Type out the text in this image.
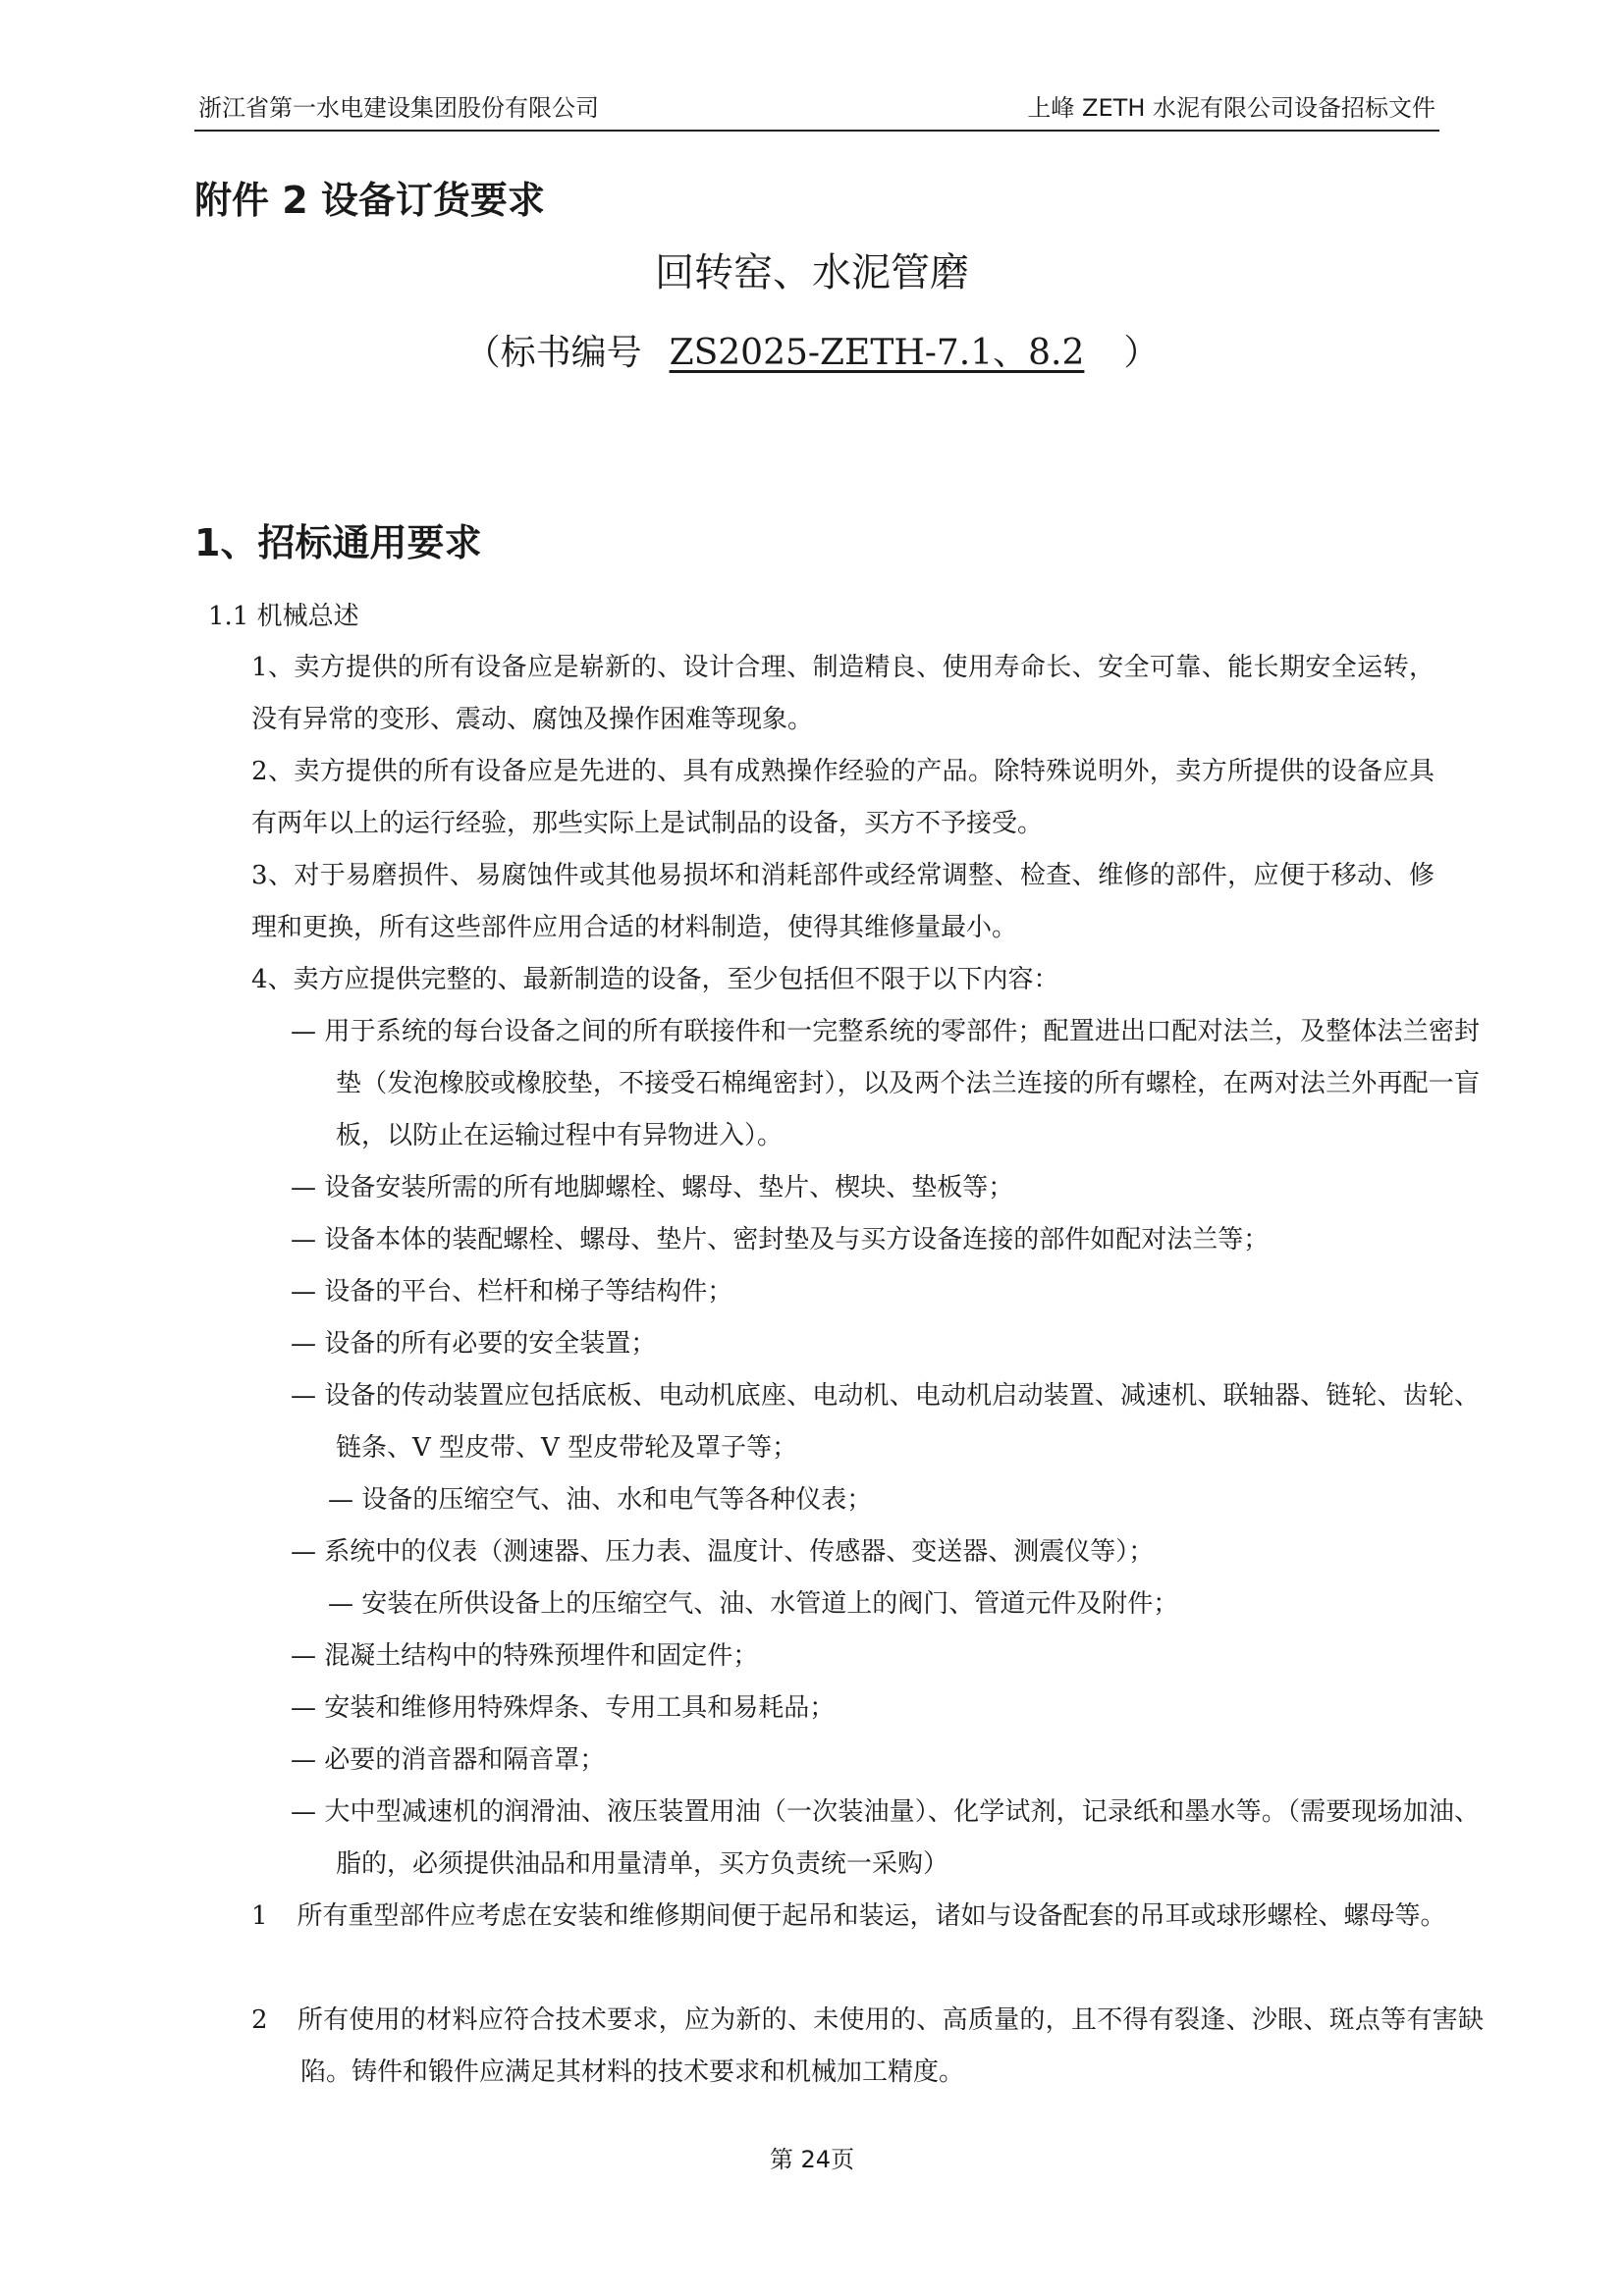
浙江省第一水电建设集团股份有限公司	上峰 ZETH 水泥有限公司设备招标文件
附件 2 设备订货要求
回转窑、水泥管磨
（标书编号 ZS2025-ZETH-7.1、8.2 ）
1、招标通用要求
1.1 机械总述
1、卖方提供的所有设备应是崭新的、设计合理、制造精良、使用寿命长、安全可靠、能长期安全运转，没有异常的变形、震动、腐蚀及操作困难等现象。
2、卖方提供的所有设备应是先进的、具有成熟操作经验的产品。除特殊说明外，卖方所提供的设备应具有两年以上的运行经验，那些实际上是试制品的设备，买方不予接受。
3、对于易磨损件、易腐蚀件或其他易损坏和消耗部件或经常调整、检查、维修的部件，应便于移动、修理和更换，所有这些部件应用合适的材料制造，使得其维修量最小。
4、卖方应提供完整的、最新制造的设备，至少包括但不限于以下内容：
— 用于系统的每台设备之间的所有联接件和一完整系统的零部件；配置进出口配对法兰，及整体法兰密封垫（发泡橡胶或橡胶垫，不接受石棉绳密封），以及两个法兰连接的所有螺栓，在两对法兰外再配一盲板，以防止在运输过程中有异物进入）。
— 设备安装所需的所有地脚螺栓、螺母、垫片、楔块、垫板等；
— 设备本体的装配螺栓、螺母、垫片、密封垫及与买方设备连接的部件如配对法兰等；
— 设备的平台、栏杆和梯子等结构件；
— 设备的所有必要的安全装置；
— 设备的传动装置应包括底板、电动机底座、电动机、电动机启动装置、减速机、联轴器、链轮、齿轮、链条、V 型皮带、V 型皮带轮及罩子等；
— 设备的压缩空气、油、水和电气等各种仪表；
— 系统中的仪表（测速器、压力表、温度计、传感器、变送器、测震仪等）；
— 安装在所供设备上的压缩空气、油、水管道上的阀门、管道元件及附件；
— 混凝土结构中的特殊预埋件和固定件；
— 安装和维修用特殊焊条、专用工具和易耗品；
— 必要的消音器和隔音罩；
— 大中型减速机的润滑油、液压装置用油（一次装油量）、化学试剂，记录纸和墨水等。（需要现场加油、脂的，必须提供油品和用量清单，买方负责统一采购）
1 所有重型部件应考虑在安装和维修期间便于起吊和装运，诸如与设备配套的吊耳或球形螺栓、螺母等。
2 所有使用的材料应符合技术要求，应为新的、未使用的、高质量的，且不得有裂逢、沙眼、斑点等有害缺陷。铸件和锻件应满足其材料的技术要求和机械加工精度。
第 24页
